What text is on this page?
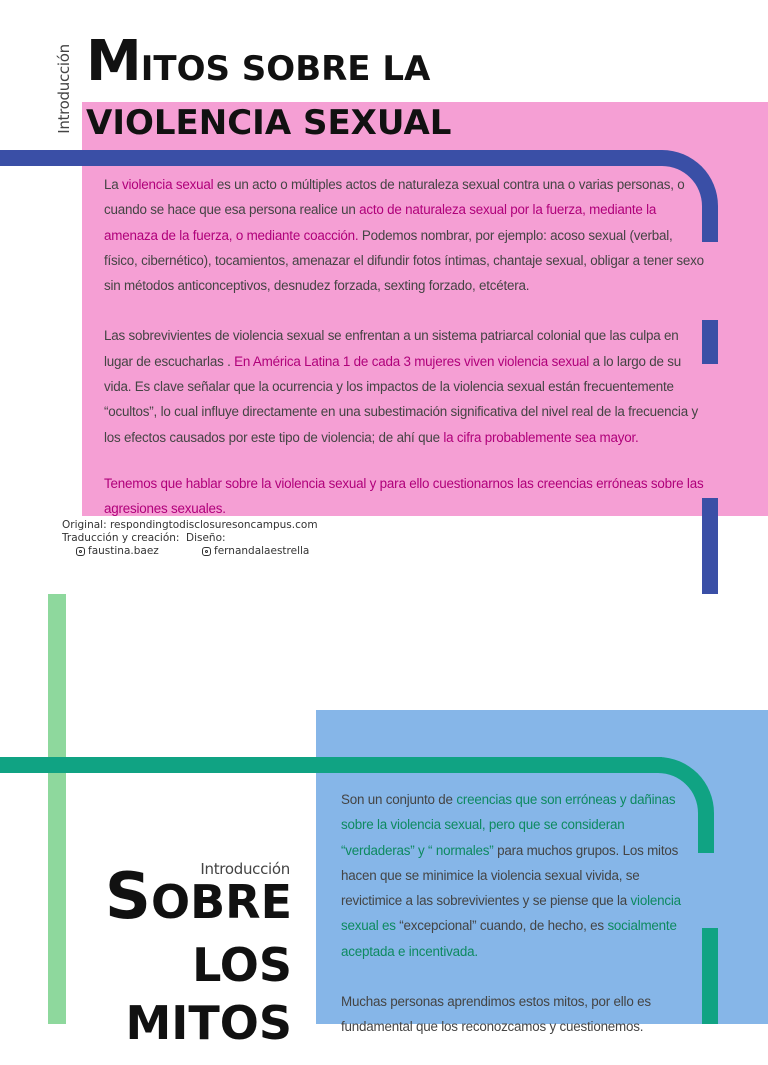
Introducción MITOS SOBRE LA
VIOLENCIA SEXUAL

La violencia sexual es un acto o múltiples actos de naturaleza sexual contra una o varias personas, o cuando se hace que esa persona realice un acto de naturaleza sexual por la fuerza, mediante la amenaza de la fuerza, o mediante coacción. Podemos nombrar, por ejemplo: acoso sexual (verbal, físico, cibernético), tocamientos, amenazar el difundir fotos íntimas, chantaje sexual, obligar a tener sexo sin métodos anticonceptivos, desnudez forzada, sexting forzado, etcétera.

Las sobrevivientes de violencia sexual se enfrentan a un sistema patriarcal colonial que las culpa en lugar de escucharlas . En América Latina 1 de cada 3 mujeres viven violencia sexual a lo largo de su vida. Es clave señalar que la ocurrencia y los impactos de la violencia sexual están frecuentemente “ocultos”, lo cual influye directamente en una subestimación significativa del nivel real de la frecuencia y los efectos causados por este tipo de violencia; de ahí que la cifra probablemente sea mayor.

Tenemos que hablar sobre la violencia sexual y para ello cuestionarnos las creencias erróneas sobre las agresiones sexuales.

Original: respondingtodisclosuresoncampus.com
Traducción y creación: Diseño:
faustina.baez	fernandalaestrella
Introducción
SOBRE
LOS
MITOS

Son un conjunto de creencias que son erróneas y dañinas sobre la violencia sexual, pero que se consideran “verdaderas” y “ normales” para muchos grupos. Los mitos hacen que se minimice la violencia sexual vivida, se revictimice a las sobrevivientes y se piense que la violencia sexual es “excepcional” cuando, de hecho, es socialmente aceptada e incentivada.

Muchas personas aprendimos estos mitos, por ello es fundamental que los reconozcamos y cuestionemos.
